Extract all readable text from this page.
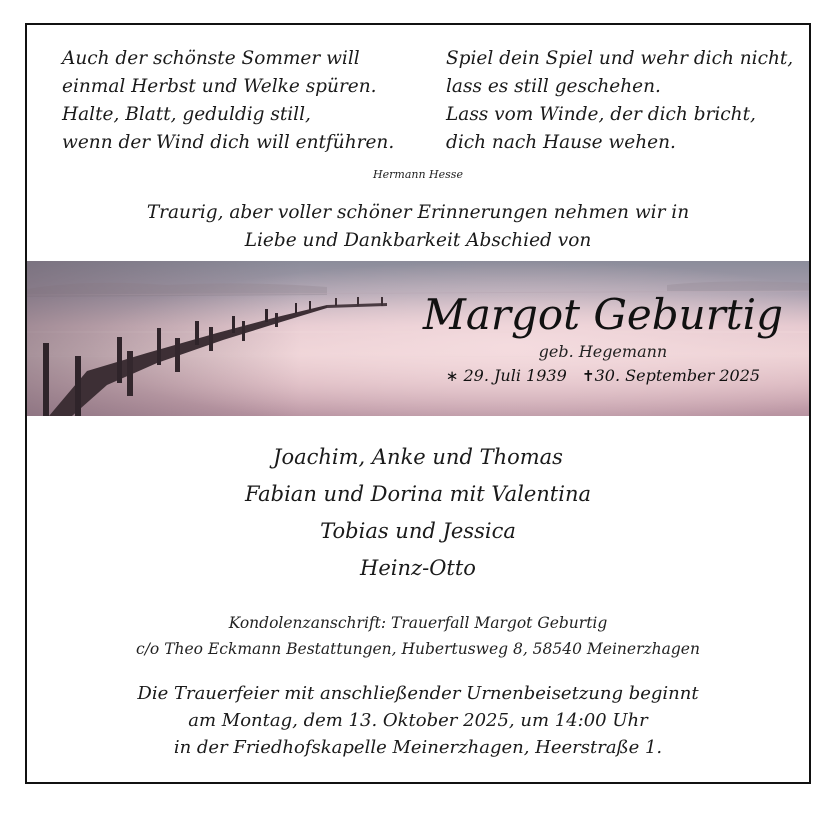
Auch der schönste Sommer will
einmal Herbst und Welke spüren.
Halte, Blatt, geduldig still,
wenn der Wind dich will entführen.
Spiel dein Spiel und wehr dich nicht,
lass es still geschehen.
Lass vom Winde, der dich bricht,
dich nach Hause wehen.
Hermann Hesse
Traurig, aber voller schöner Erinnerungen nehmen wir in
Liebe und Dankbarkeit Abschied von
Margot Geburtig
geb. Hegemann
∗ 29. Juli 1939 ✝30. September 2025
Joachim, Anke und Thomas
Fabian und Dorina mit Valentina
Tobias und Jessica
Heinz-Otto
Kondolenzanschrift: Trauerfall Margot Geburtig
c/o Theo Eckmann Bestattungen, Hubertusweg 8, 58540 Meinerzhagen
Die Trauerfeier mit anschließender Urnenbeisetzung beginnt
am Montag, dem 13. Oktober 2025, um 14:00 Uhr
in der Friedhofskapelle Meinerzhagen, Heerstraße 1.
